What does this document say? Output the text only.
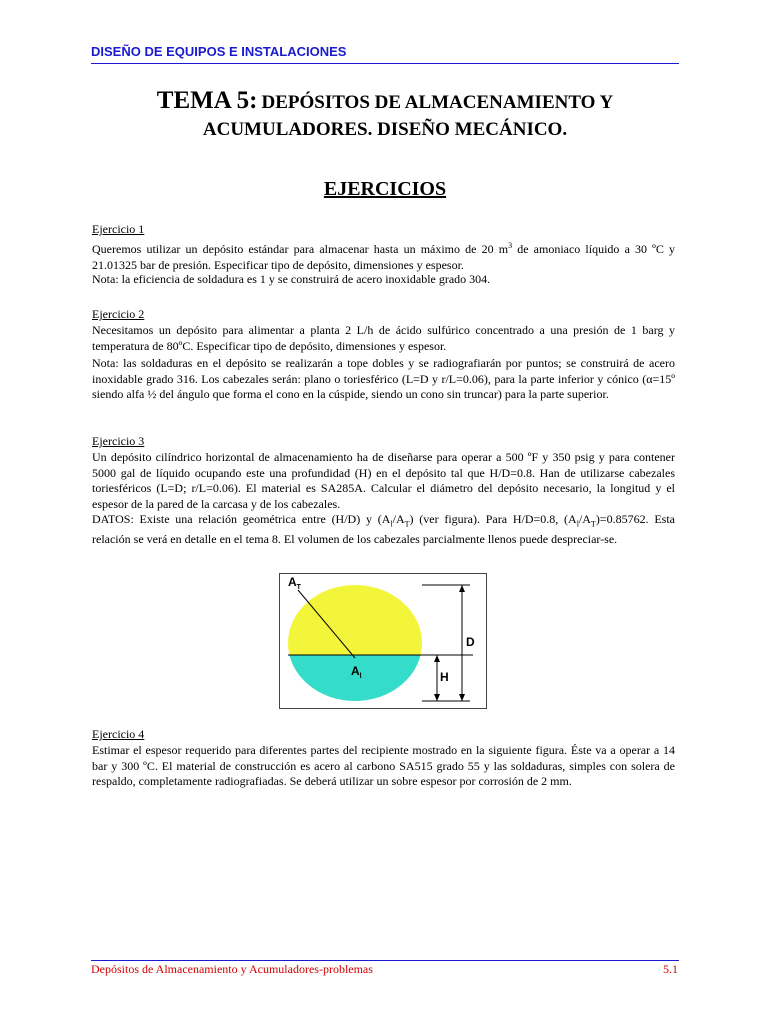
DISEÑO DE EQUIPOS E INSTALACIONES
TEMA 5: DEPÓSITOS DE ALMACENAMIENTO Y
ACUMULADORES. DISEÑO MECÁNICO.
EJERCICIOS
Ejercicio 1

Queremos utilizar un depósito estándar para almacenar hasta un máximo de 20 $m^3$ de amoniaco líquido a 30 ºC y 21.01325 bar de presión. Especificar tipo de depósito, dimensiones y espesor.

Nota: la eficiencia de soldadura es 1 y se construirá de acero inoxidable grado 304.

Ejercicio 2

Necesitamos un depósito para alimentar a planta 2 L/h de ácido sulfúrico concentrado a una presión de 1 barg y temperatura de 80ºC. Especificar tipo de depósito, dimensiones y espesor.

Nota: las soldaduras en el depósito se realizarán a tope dobles y se radiografiarán por puntos; se construirá de acero inoxidable grado 316. Los cabezales serán: plano o toriesférico (L=D y r/L=0.06), para la parte inferior y cónico (α=15º siendo alfa ½ del ángulo que forma el cono en la cúspide, siendo un cono sin truncar) para la parte superior.

Ejercicio 3

Un depósito cilíndrico horizontal de almacenamiento ha de diseñarse para operar a 500 ºF y 350 psig y para contener 5000 gal de líquido ocupando este una profundidad (H) en el depósito tal que H/D=0.8. Han de utilizarse cabezales toriesféricos (L=D; r/L=0.06). El material es SA285A. Calcular el diámetro del depósito necesario, la longitud y el espesor de la pared de la carcasa y de los cabezales.

DATOS: Existe una relación geométrica entre (H/D) y $(A_l/A_T)$ (ver figura). Para H/D=0.8, $(A_l/A_T)=0.85762$. Esta relación se verá en detalle en el tema 8. El volumen de los cabezales parcialmente llenos puede despreciar-se.

$A_T$
$A_l$
D
H
Ejercicio 4

Estimar el espesor requerido para diferentes partes del recipiente mostrado en la siguiente figura. Éste va a operar a 14 bar y 300 ºC. El material de construcción es acero al carbono SA515 grado 55 y las soldaduras, simples con solera de respaldo, completamente radiografiadas. Se deberá utilizar un sobre espesor por corrosión de 2 mm.

Depósitos de Almacenamiento y Acumuladores-problemas	5.1
